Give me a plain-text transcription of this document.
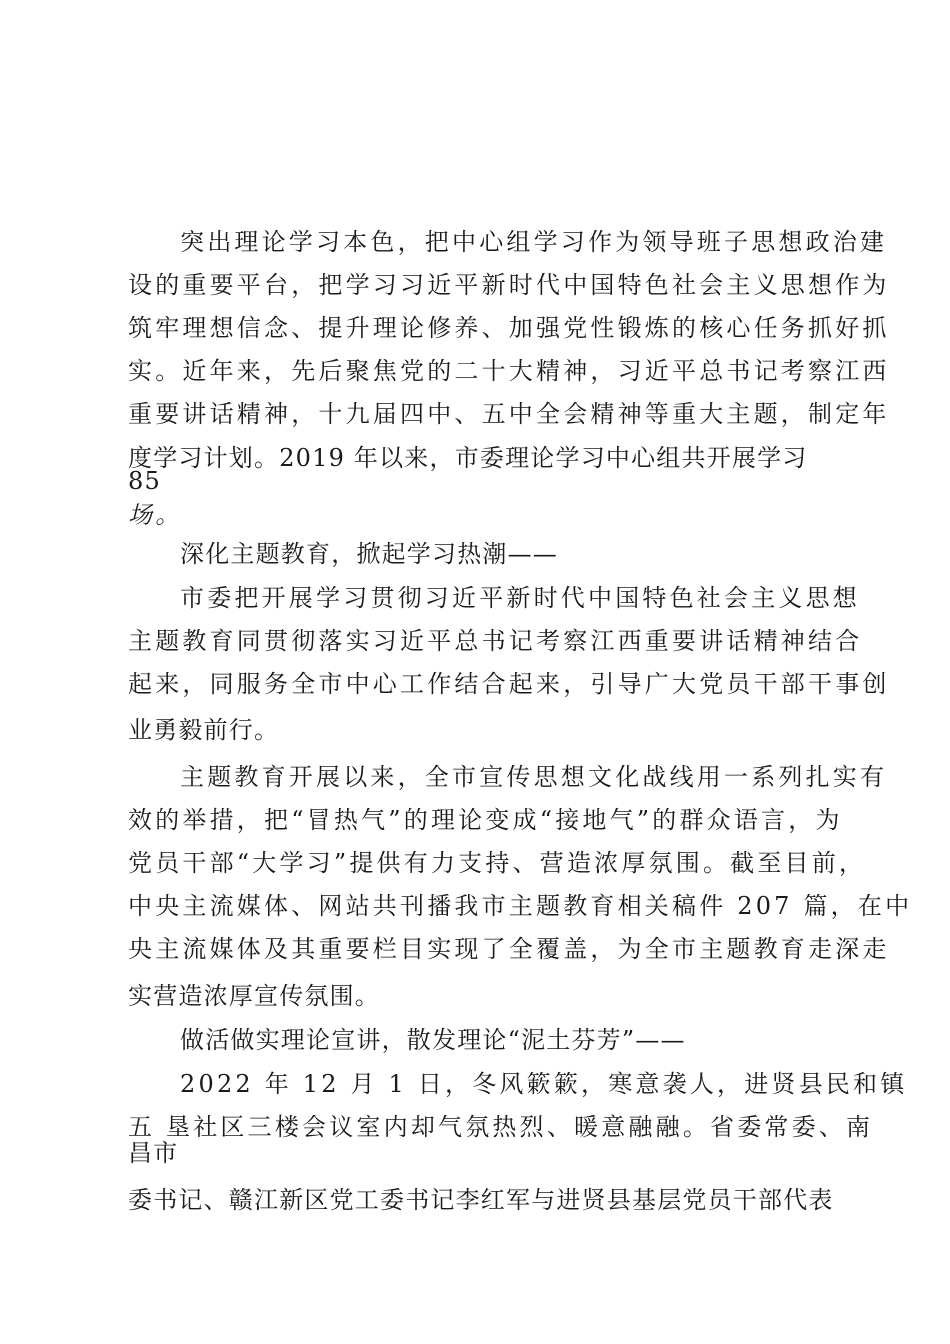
突出理论学习本色，把中心组学习作为领导班子思想政治建

设的重要平台，把学习习近平新时代中国特色社会主义思想作为

筑牢理想信念、提升理论修养、加强党性锻炼的核心任务抓好抓

实。近年来，先后聚焦党的二十大精神，习近平总书记考察江西

重要讲话精神，十九届四中、五中全会精神等重大主题，制定年

度学习计划。2019 年以来，市委理论学习中心组共开展学习

85

场。

深化主题教育，掀起学习热潮——

市委把开展学习贯彻习近平新时代中国特色社会主义思想

主题教育同贯彻落实习近平总书记考察江西重要讲话精神结合

起来，同服务全市中心工作结合起来，引导广大党员干部干事创

业勇毅前行。

主题教育开展以来，全市宣传思想文化战线用一系列扎实有

效的举措，把“冒热气”的理论变成“接地气”的群众语言，为

党员干部“大学习”提供有力支持、营造浓厚氛围。截至目前，

中央主流媒体、网站共刊播我市主题教育相关稿件 207 篇，在中

央主流媒体及其重要栏目实现了全覆盖，为全市主题教育走深走

实营造浓厚宣传氛围。

做活做实理论宣讲，散发理论“泥土芬芳”——

2022 年 12 月 1 日，冬风簌簌，寒意袭人，进贤县民和镇

五 垦社区三楼会议室内却气氛热烈、暖意融融。省委常委、南

昌市

委书记、赣江新区党工委书记李红军与进贤县基层党员干部代表
